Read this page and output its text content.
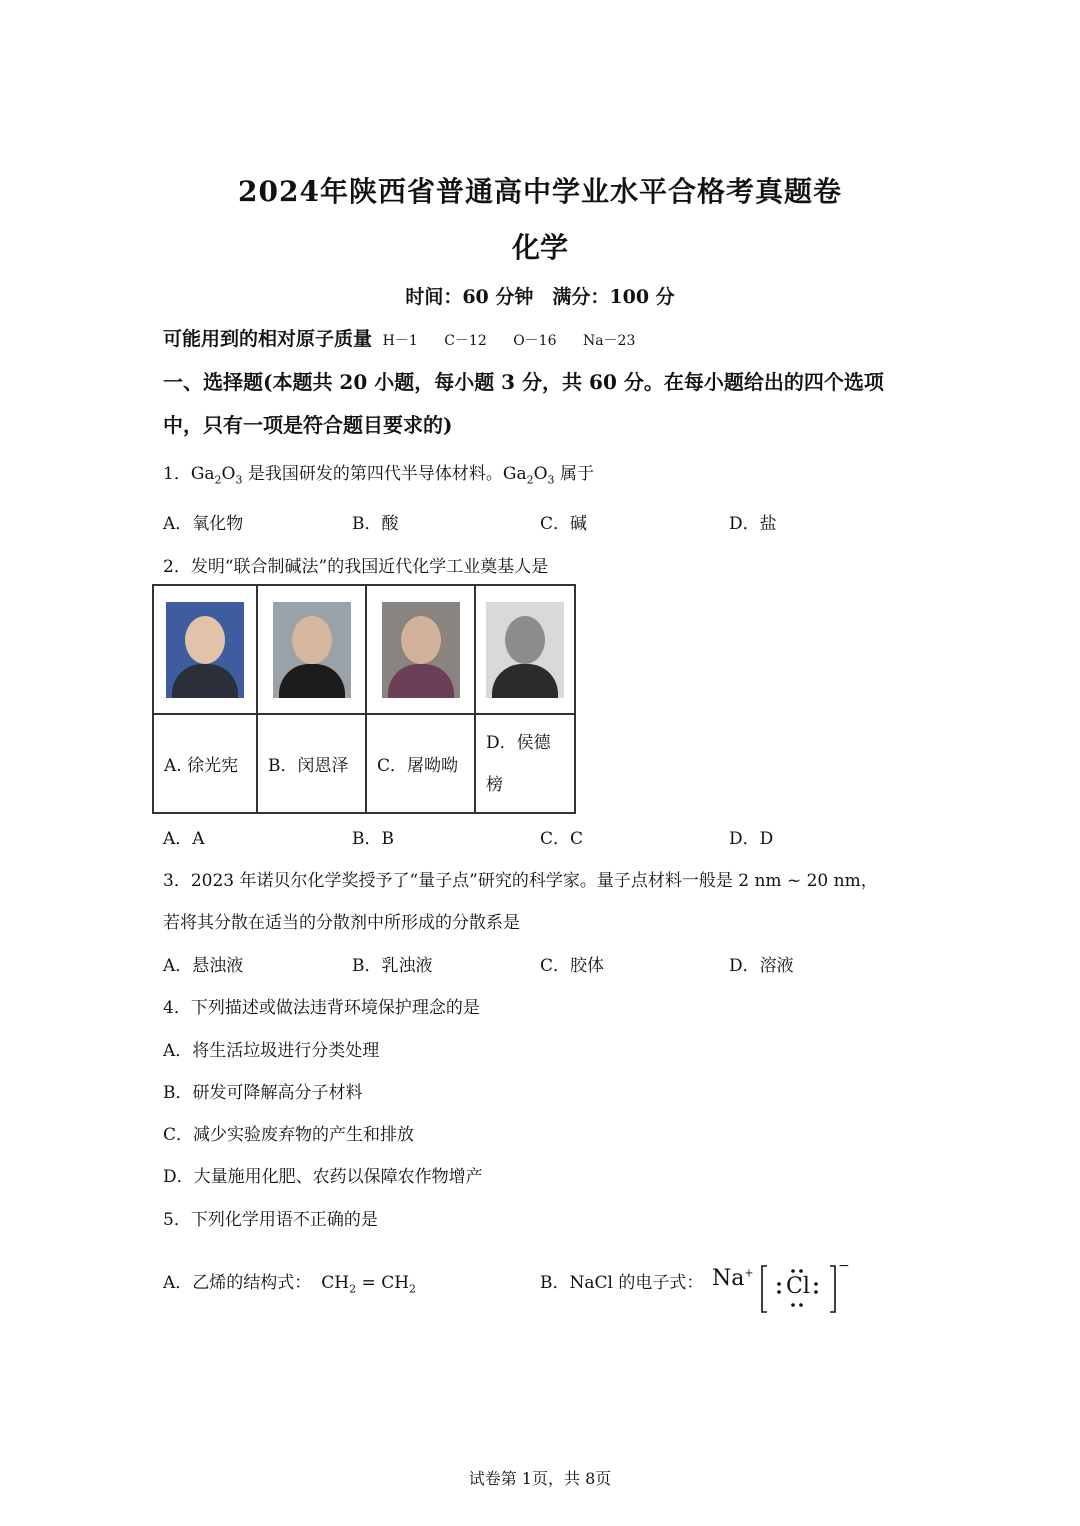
2024年陕西省普通高中学业水平合格考真题卷
化学
时间：60 分钟　满分：100 分
可能用到的相对原子质量 H－1 C－12 O－16 Na－23
一、选择题(本题共 20 小题，每小题 3 分，共 60 分。在每小题给出的四个选项
中，只有一项是符合题目要求的)
1．$Ga_2O_3$ 是我国研发的第四代半导体材料。$Ga_2O_3$ 属于
A．氧化物	B．酸	C．碱	D．盐
2．发明“联合制碱法”的我国近代化学工业奠基人是

A. 徐光宪	B．闵恩泽	C．屠呦呦	D．侯德
榜
A．A	B．B	C．C	D．D
3．2023 年诺贝尔化学奖授予了“量子点”研究的科学家。量子点材料一般是 2 nm ~ 20 nm，
若将其分散在适当的分散剂中所形成的分散系是
A．悬浊液	B．乳浊液	C．胶体	D．溶液
4．下列描述或做法违背环境保护理念的是
A．将生活垃圾进行分类处理
B．研发可降解高分子材料
C．减少实验废弃物的产生和排放
D．大量施用化肥、农药以保障农作物增产
5．下列化学用语不正确的是
A．乙烯的结构式： $CH_2 = CH_2$	B．NaCl 的电子式： Na+
Cl
−
试卷第 1页，共 8页
